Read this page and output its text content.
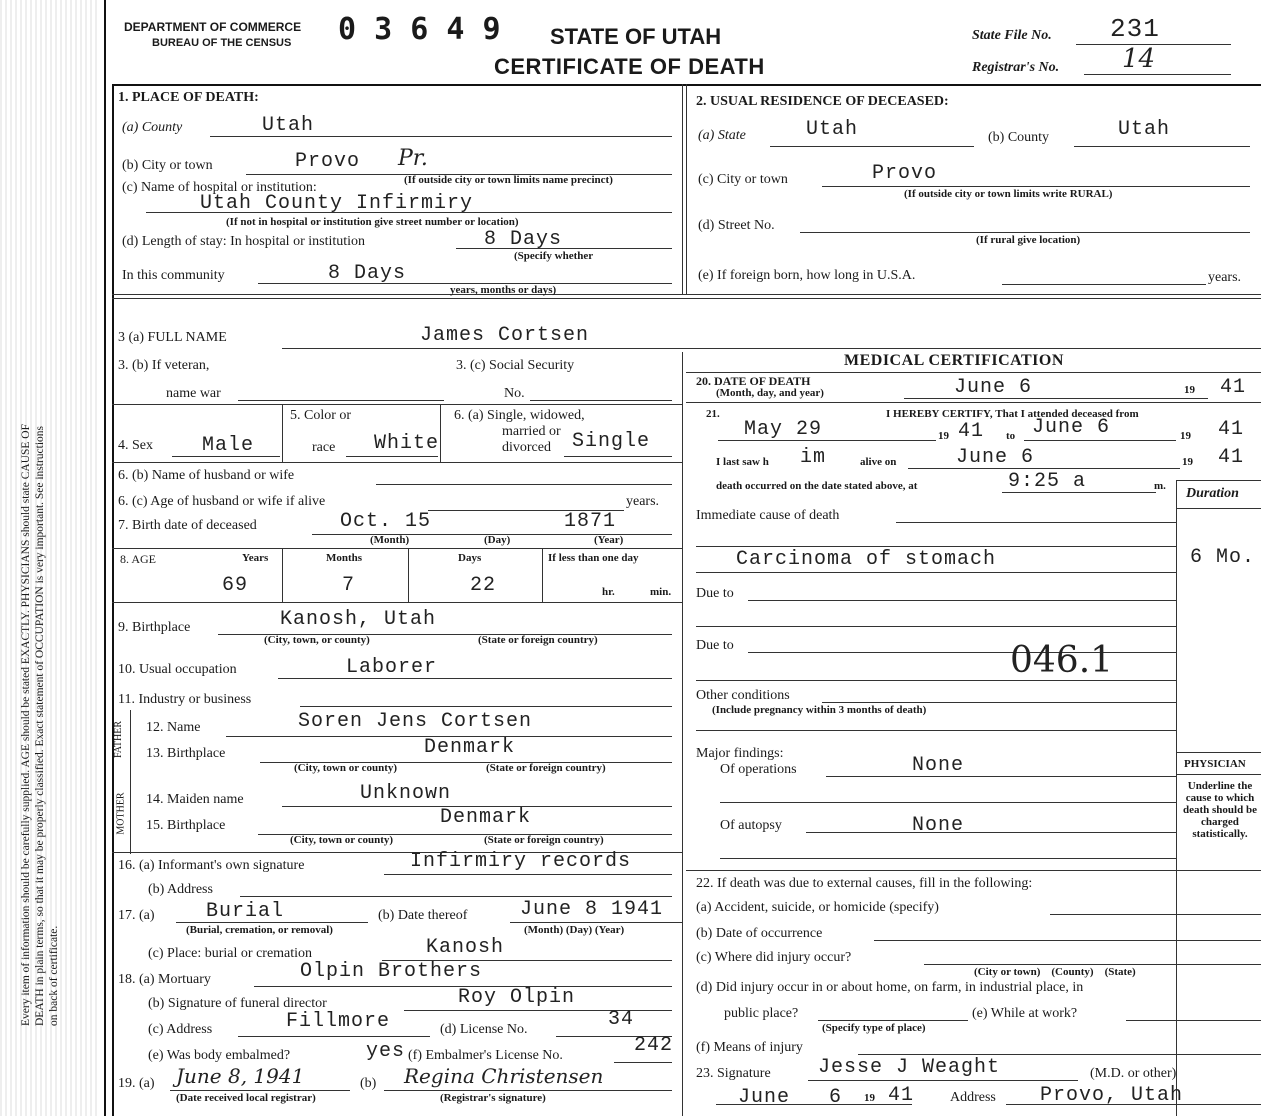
Every item of information should be carefully supplied. AGE should be stated EXACTLY. PHYSICIANS should state CAUSE OF DEATH in plain terms, so that it may be properly classified. Exact statement of OCCUPATION is very important. See instructions on back of certificate.
DEPARTMENT OF COMMERCE
BUREAU OF THE CENSUS 0 3 6 4 9 STATE OF UTAH
CERTIFICATE OF DEATH
State File No. 231
Registrar's No. 14
1. PLACE OF DEATH:
(a) County	Utah
(b) City or town	Provo Pr.
(c) Name of hospital or institution:	(If outside city or town limits name precinct)
Utah County Infirmiry
(If not in hospital or institution give street number or location)
(d) Length of stay: In hospital or institution	8 Days
(Specify whether
In this community	8 Days
years, months or days)
2. USUAL RESIDENCE OF DECEASED:
(a) State	Utah	(b) County	Utah
(c) City or town	Provo
(If outside city or town limits write RURAL)
(d) Street No.
(If rural give location)
(e) If foreign born, how long in U.S.A.	years.
3 (a) FULL NAME	James Cortsen
3. (b) If veteran,
name war
3. (c) Social Security
No.
4. Sex Male
5. Color or
race White
6. (a) Single, widowed,
married or
divorced Single
6. (b) Name of husband or wife
6. (c) Age of husband or wife if alive	years.
7. Birth date of deceased	Oct. 15	1871
(Month)	(Day)	(Year)
8. AGE	Years	Months	Days	If less than one day
69	7	22	hr.	min.
9. Birthplace	Kanosh, Utah
(City, town, or county)	(State or foreign country)
10. Usual occupation	Laborer
11. Industry or business
FATHER
MOTHER
12. Name	Soren Jens Cortsen
13. Birthplace	Denmark
(City, town or county)	(State or foreign country)
14. Maiden name	Unknown
15. Birthplace	Denmark
(City, town or county)	(State or foreign country)
16. (a) Informant's own signature	Infirmiry records
(b) Address
17. (a)	Burial
(Burial, cremation, or removal)
(b) Date thereof	June 8 1941
(Month) (Day) (Year)
(c) Place: burial or cremation	Kanosh
18. (a) Mortuary	Olpin Brothers
(b) Signature of funeral director	Roy Olpin
(c) Address	Fillmore	(d) License No.	34
(e) Was body embalmed?	yes (f) Embalmer's License No.	242
19. (a) June 8, 1941	(b) Regina Christensen
(Date received local registrar)	(Registrar's signature)
MEDICAL CERTIFICATION
20. DATE OF DEATH
(Month, day, and year)	June 6	19 41
21.	I HEREBY CERTIFY, That I attended deceased from
May 29	19 41 to June 6	19 41
I last saw h im	alive on	June 6	19 41
death occurred on the date stated above, at	9:25 a	m. Duration
Immediate cause of death
Carcinoma of stomach	6 Mo.
Due to
Due to	046.1
Other conditions
(Include pregnancy within 3 months of death)
Major findings:
Of operations	None
Of autopsy	None
PHYSICIAN
Underline the cause to which death should be charged statistically.
22. If death was due to external causes, fill in the following:
(a) Accident, suicide, or homicide (specify)
(b) Date of occurrence
(c) Where did injury occur?
(City or town)    (County)    (State)
(d) Did injury occur in or about home, on farm, in industrial place, in
public place?
(Specify type of place)
(e) While at work?
(f) Means of injury
23. Signature Jesse J Weaght	(M.D. or other)
June   6 19 41	Address Provo, Utah
